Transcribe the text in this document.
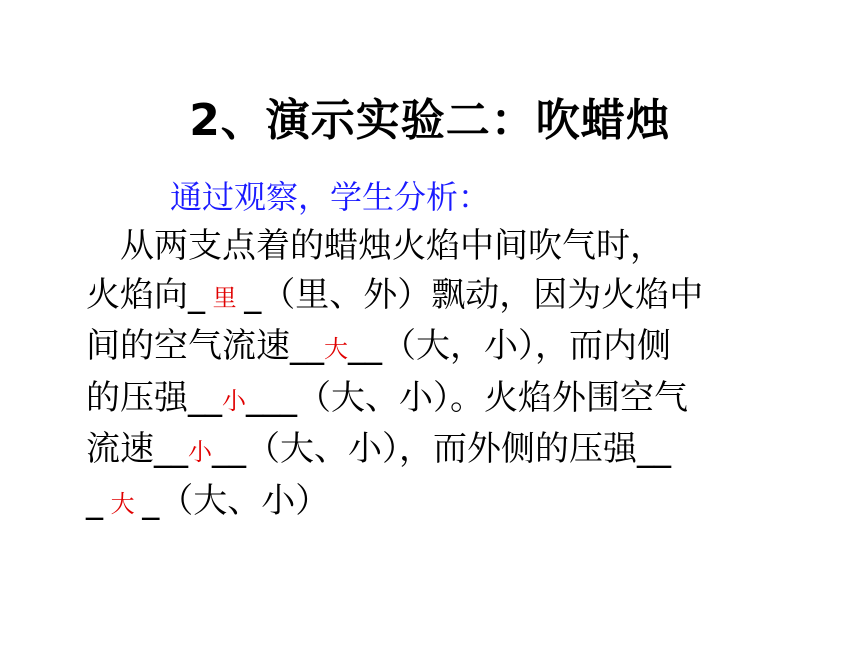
2、演示实验二：吹蜡烛
通过观察，学生分析：
　从两支点着的蜡烛火焰中间吹气时，
火焰向_ 里 _（里、外）飘动，因为火焰中
间的空气流速__大__（大，小），而内侧
的压强__小___（大、小）。火焰外围空气
流速__小__（大、小），而外侧的压强__
_ 大 _（大、小）
